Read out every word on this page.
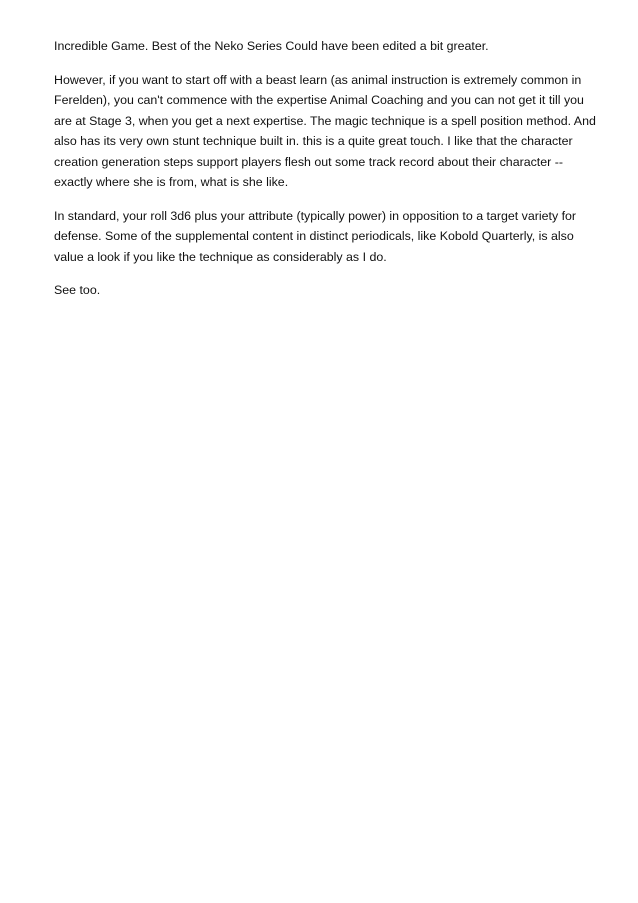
Incredible Game. Best of the Neko Series Could have been edited a bit greater.

However, if you want to start off with a beast learn (as animal instruction is extremely common in Ferelden), you can't commence with the expertise Animal Coaching and you can not get it till you are at Stage 3, when you get a next expertise. The magic technique is a spell position method. And also has its very own stunt technique built in. this is a quite great touch. I like that the character creation generation steps support players flesh out some track record about their character -- exactly where she is from, what is she like.

In standard, your roll 3d6 plus your attribute (typically power) in opposition to a target variety for defense. Some of the supplemental content in distinct periodicals, like Kobold Quarterly, is also value a look if you like the technique as considerably as I do.

See too.
